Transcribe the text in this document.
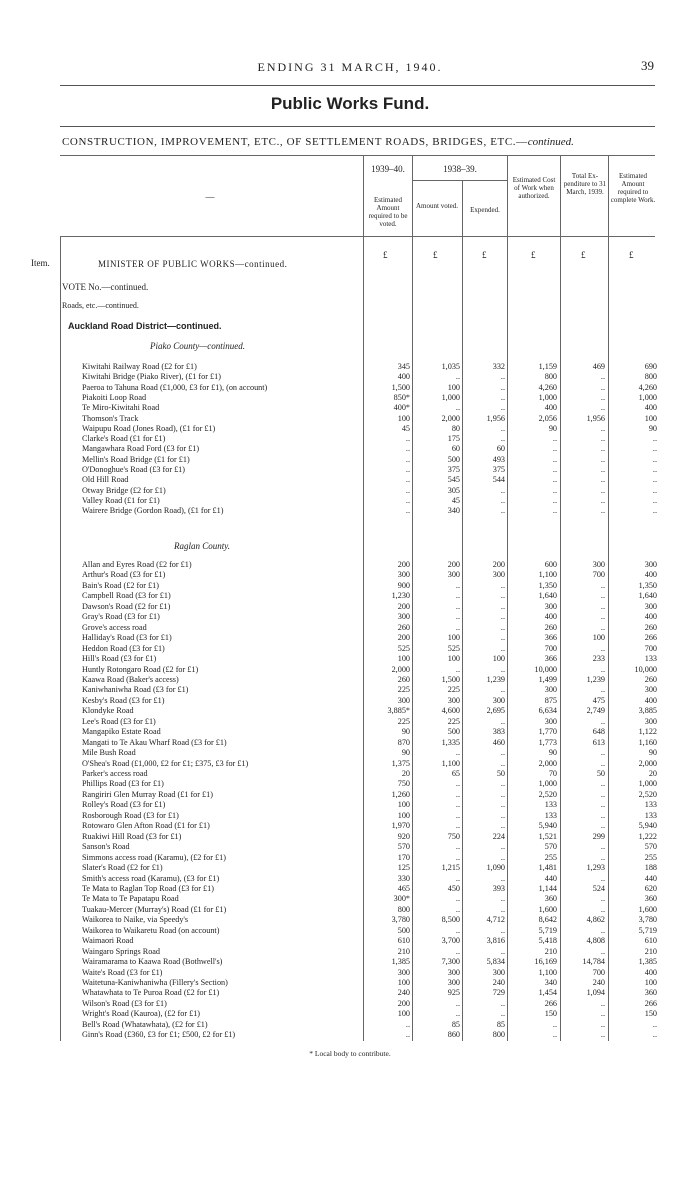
ENDING 31 MARCH, 1940.	39
Public Works Fund.
CONSTRUCTION, IMPROVEMENT, ETC., OF SETTLEMENT ROADS, BRIDGES, ETC.—continued.
—
1939–40.	1938–39.
Estimated Amount required to be voted.
Amount voted.	Expended.
Estimated Cost of Work when authorized.
Total Ex-penditure to 31 March, 1939.
Estimated Amount required to complete Work.
Item.
£	£	£	£	£	£
MINISTER OF PUBLIC WORKS—continued.
VOTE No.—continued.
Roads, etc.—continued.
Auckland Road District—continued.
Piako County—continued.
Raglan County.
Kiwitahi Railway Road (£2 for £1)	345	1,035	332	1,159	469	690
Kiwitahi Bridge (Piako River), (£1 for £1)	400	..	..	800	..	800
Paeroa to Tahuna Road (£1,000, £3 for £1), (on account)	1,500	100	..	4,260	..	4,260
Piakoiti Loop Road	850*	1,000	..	1,000	..	1,000
Te Miro-Kiwitahi Road	400*	..	..	400	..	400
Thomson's Track	100	2,000	1,956	2,056	1,956	100
Waipupu Road (Jones Road), (£1 for £1)	45	80	..	90	..	90
Clarke's Road (£1 for £1)	..	175	..	..	..	..
Mangawhara Road Ford (£3 for £1)	..	60	60	..	..	..
Mellin's Road Bridge (£1 for £1)	..	500	493	..	..	..
O'Donoghue's Road (£3 for £1)	..	375	375	..	..	..
Old Hill Road	..	545	544	..	..	..
Otway Bridge (£2 for £1)	..	305	..	..	..	..
Valley Road (£1 for £1)	..	45	..	..	..	..
Wairere Bridge (Gordon Road), (£1 for £1)	..	340	..	..	..	..
Allan and Eyres Road (£2 for £1)	200	200	200	600	300	300
Arthur's Road (£3 for £1)	300	300	300	1,100	700	400
Bain's Road (£2 for £1)	900	..	..	1,350	..	1,350
Campbell Road (£3 for £1)	1,230	..	..	1,640	..	1,640
Dawson's Road (£2 for £1)	200	..	..	300	..	300
Gray's Road (£3 for £1)	300	..	..	400	..	400
Grove's access road	260	..	..	260	..	260
Halliday's Road (£3 for £1)	200	100	..	366	100	266
Heddon Road (£3 for £1)	525	525	..	700	..	700
Hill's Road (£3 for £1)	100	100	100	366	233	133
Huntly Rotongaro Road (£2 for £1)	2,000	..	..	10,000	..	10,000
Kaawa Road (Baker's access)	260	1,500	1,239	1,499	1,239	260
Kaniwhaniwha Road (£3 for £1)	225	225	..	300	..	300
Kesby's Road (£3 for £1)	300	300	300	875	475	400
Klondyke Road	3,885*	4,600	2,695	6,634	2,749	3,885
Lee's Road (£3 for £1)	225	225	..	300	..	300
Mangapiko Estate Road	90	500	383	1,770	648	1,122
Mangati to Te Akau Wharf Road (£3 for £1)	870	1,335	460	1,773	613	1,160
Mile Bush Road	90	..	..	90	..	90
O'Shea's Road (£1,000, £2 for £1; £375, £3 for £1)	1,375	1,100	..	2,000	..	2,000
Parker's access road	20	65	50	70	50	20
Phillips Road (£3 for £1)	750	..	..	1,000	..	1,000
Rangiriri Glen Murray Road (£1 for £1)	1,260	..	..	2,520	..	2,520
Rolley's Road (£3 for £1)	100	..	..	133	..	133
Rosborough Road (£3 for £1)	100	..	..	133	..	133
Rotowaro Glen Afton Road (£1 for £1)	1,970	..	..	5,940	..	5,940
Ruakiwi Hill Road (£3 for £1)	920	750	224	1,521	299	1,222
Sanson's Road	570	..	..	570	..	570
Simmons access road (Karamu), (£2 for £1)	170	..	..	255	..	255
Slater's Road (£2 for £1)	125	1,215	1,090	1,481	1,293	188
Smith's access road (Karamu), (£3 for £1)	330	..	..	440	..	440
Te Mata to Raglan Top Road (£3 for £1)	465	450	393	1,144	524	620
Te Mata to Te Papatapu Road	300*	..	..	360	..	360
Tuakau-Mercer (Murray's) Road (£1 for £1)	800	..	..	1,600	..	1,600
Waikorea to Naike, via Speedy's	3,780	8,500	4,712	8,642	4,862	3,780
Waikorea to Waikaretu Road (on account)	500	..	..	5,719	..	5,719
Waimaori Road	610	3,700	3,816	5,418	4,808	610
Waingaro Springs Road	210	..	..	210	..	210
Wairamarama to Kaawa Road (Bothwell's)	1,385	7,300	5,834	16,169	14,784	1,385
Waite's Road (£3 for £1)	300	300	300	1,100	700	400
Waitetuna-Kaniwhaniwha (Fillery's Section)	100	300	240	340	240	100
Whatawhata to Te Puroa Road (£2 for £1)	240	925	729	1,454	1,094	360
Wilson's Road (£3 for £1)	200	..	..	266	..	266
Wright's Road (Kauroa), (£2 for £1)	100	..	..	150	..	150
Bell's Road (Whatawhata), (£2 for £1)	..	85	85	..	..	..
Ginn's Road (£360, £3 for £1; £500, £2 for £1)	..	860	800	..	..	..
* Local body to contribute.
